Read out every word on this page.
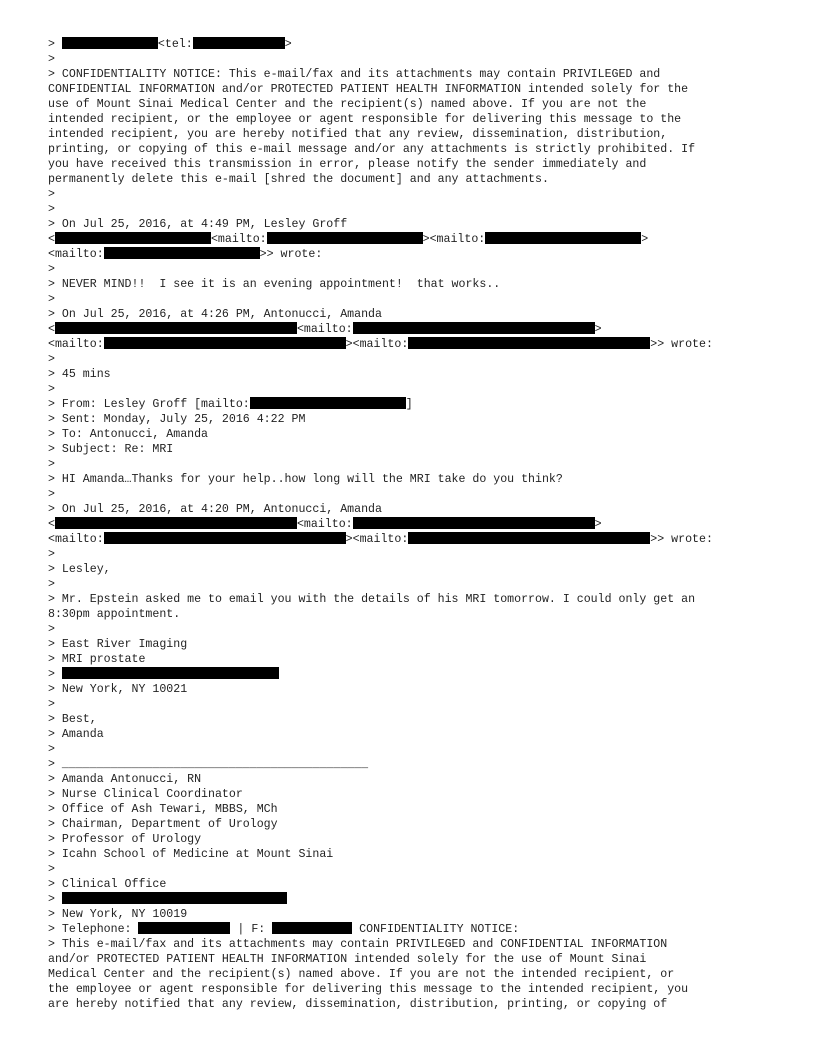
>	<tel:	>
>
> CONFIDENTIALITY NOTICE: This e-mail/fax and its attachments may contain PRIVILEGED and
CONFIDENTIAL INFORMATION and/or PROTECTED PATIENT HEALTH INFORMATION intended solely for the
use of Mount Sinai Medical Center and the recipient(s) named above. If you are not the
intended recipient, or the employee or agent responsible for delivering this message to the
intended recipient, you are hereby notified that any review, dissemination, distribution,
printing, or copying of this e-mail message and/or any attachments is strictly prohibited. If
you have received this transmission in error, please notify the sender immediately and
permanently delete this e-mail [shred the document] and any attachments.
>
>
> On Jul 25, 2016, at 4:49 PM, Lesley Groff
<	<mailto:	><mailto:	>
<mailto:	>> wrote:
>
> NEVER MIND!!  I see it is an evening appointment!  that works..
>
> On Jul 25, 2016, at 4:26 PM, Antonucci, Amanda
<	<mailto:	>
<mailto:	><mailto:	>> wrote:
>
> 45 mins
>
> From: Lesley Groff [mailto:	]
> Sent: Monday, July 25, 2016 4:22 PM
> To: Antonucci, Amanda
> Subject: Re: MRI
>
> HI Amanda…Thanks for your help..how long will the MRI take do you think?
>
> On Jul 25, 2016, at 4:20 PM, Antonucci, Amanda
<	<mailto:	>
<mailto:	><mailto:	>> wrote:
>
> Lesley,
>
> Mr. Epstein asked me to email you with the details of his MRI tomorrow. I could only get an
8:30pm appointment.
>
> East River Imaging
> MRI prostate
>
> New York, NY 10021
>
> Best,
> Amanda
>
> ____________________________________________
> Amanda Antonucci, RN
> Nurse Clinical Coordinator
> Office of Ash Tewari, MBBS, MCh
> Chairman, Department of Urology
> Professor of Urology
> Icahn School of Medicine at Mount Sinai
>
> Clinical Office
>
> New York, NY 10019
> Telephone:	| F:	CONFIDENTIALITY NOTICE:
> This e-mail/fax and its attachments may contain PRIVILEGED and CONFIDENTIAL INFORMATION
and/or PROTECTED PATIENT HEALTH INFORMATION intended solely for the use of Mount Sinai
Medical Center and the recipient(s) named above. If you are not the intended recipient, or
the employee or agent responsible for delivering this message to the intended recipient, you
are hereby notified that any review, dissemination, distribution, printing, or copying of
